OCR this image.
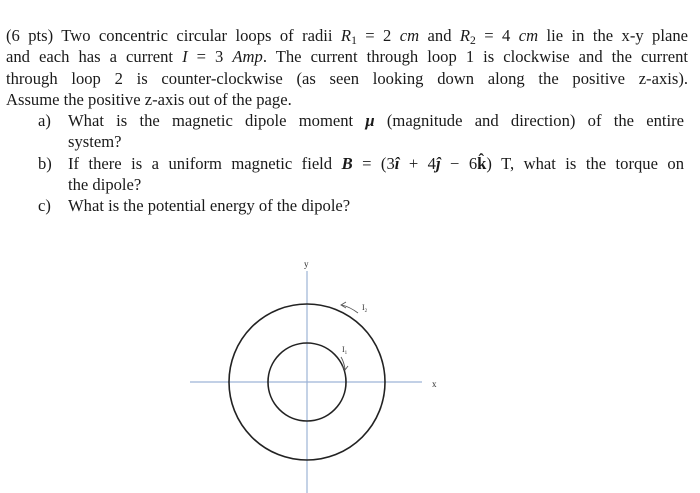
(6 pts) Two concentric circular loops of radii $R_1 = 2$ cm and $R_2 = 4$ cm lie in the x-y plane
and each has a current I = 3 Amp. The current through loop 1 is clockwise and the current
through loop 2 is counter-clockwise (as seen looking down along the positive z-axis).
Assume the positive z-axis out of the page.

a) What is the magnetic dipole moment μ (magnitude and direction) of the entire
system?
b) If there is a uniform magnetic field B = (3î + 4ĵ − 6k̂) T, what is the torque on
the dipole?
c) What is the potential energy of the dipole?
y
x
$I_2$
$I_1$
